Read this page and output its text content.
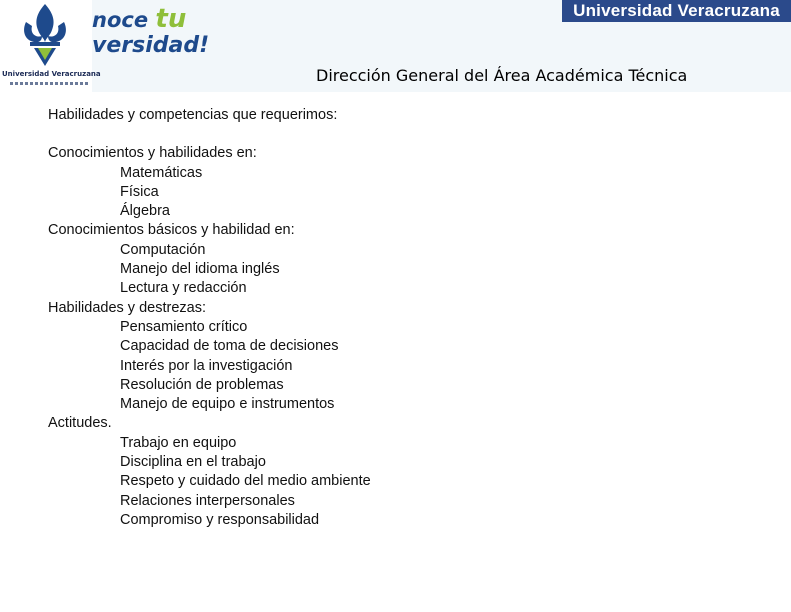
Universidad Veracruzana
noce tu
versidad!
Universidad Veracruzana
Dirección General del Área Académica Técnica
Habilidades y competencias que requerimos:
Conocimientos y habilidades en:
Matemáticas
Física
Álgebra
Conocimientos básicos y habilidad en:
Computación
Manejo del idioma inglés
Lectura y redacción
Habilidades y destrezas:
Pensamiento crítico
Capacidad de toma de decisiones
Interés por la investigación
Resolución de problemas
Manejo de equipo e instrumentos
Actitudes.
Trabajo en equipo
Disciplina en el trabajo
Respeto y cuidado del medio ambiente
Relaciones interpersonales
Compromiso y responsabilidad
